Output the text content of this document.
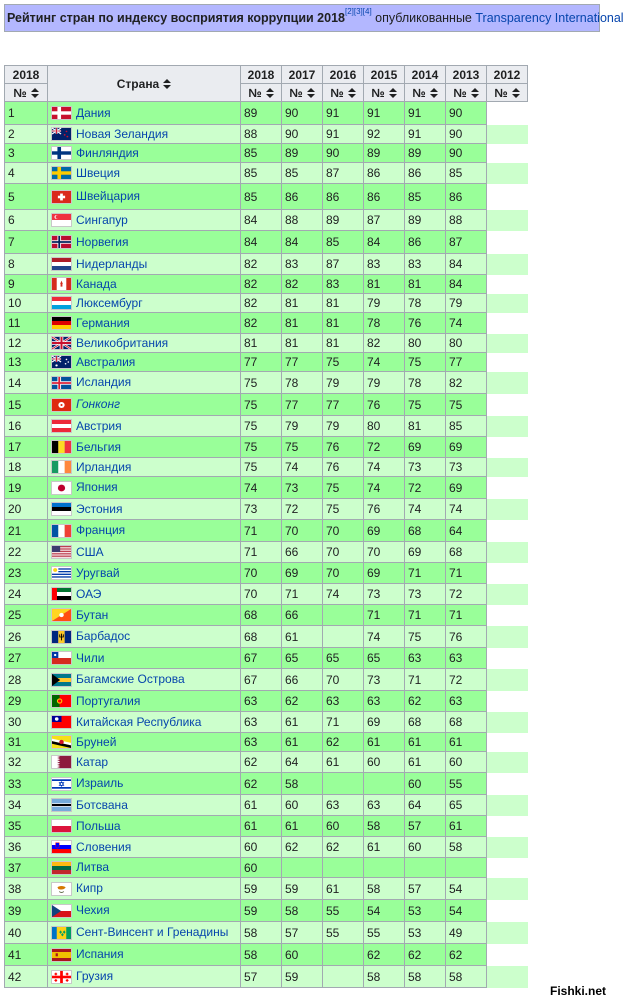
Рейтинг стран по индексу восприятия коррупции 2018[2][3][4] опубликованные Transparency International
2018	Страна	2018	2017	2016	2015	2014	2013	2012
№		№	№	№	№	№	№	№
1	Дания	89	90	91	91	91	90	
2	Новая Зеландия	88	90	91	92	91	90	
3	Финляндия	85	89	90	89	89	90	
4	Швеция	85	85	87	86	86	85	
5	Швейцария	85	86	86	86	85	86	
6	Сингапур	84	88	89	87	89	88	
7	Норвегия	84	84	85	84	86	87	
8	Нидерланды	82	83	87	83	83	84	
9	Канада	82	82	83	81	81	84	
10	Люксембург	82	81	81	79	78	79	
11	Германия	82	81	81	78	76	74	
12	Великобритания	81	81	81	82	80	80	
13	Австралия	77	77	75	74	75	77	
14	Исландия	75	78	79	79	78	82	
15	Гонконг	75	77	77	76	75	75	
16	Австрия	75	79	79	80	81	85	
17	Бельгия	75	75	76	72	69	69	
18	Ирландия	75	74	76	74	73	73	
19	Япония	74	73	75	74	72	69	
20	Эстония	73	72	75	76	74	74	
21	Франция	71	70	70	69	68	64	
22	США	71	66	70	70	69	68	
23	Уругвай	70	69	70	69	71	71	
24	ОАЭ	70	71	74	73	73	72	
25	Бутан	68	66		71	71	71	
26	Барбадос	68	61		74	75	76	
27	Чили	67	65	65	65	63	63	
28	Багамские Острова	67	66	70	73	71	72	
29	Португалия	63	62	63	63	62	63	
30	Китайская Республика	63	61	71	69	68	68	
31	Бруней	63	61	62	61	61	61	
32	Катар	62	64	61	60	61	60	
33	Израиль	62	58			60	55	
34	Ботсвана	61	60	63	63	64	65	
35	Польша	61	61	60	58	57	61	
36	Словения	60	62	62	61	60	58	
37	Литва	60						
38	Кипр	59	59	61	58	57	54	
39	Чехия	59	58	55	54	53	54	
40	Сент-Винсент и Гренадины	58	57	55	55	53	49	
41	Испания	58	60		62	62	62	
42	Грузия	57	59		58	58	58	
Fishki.net
